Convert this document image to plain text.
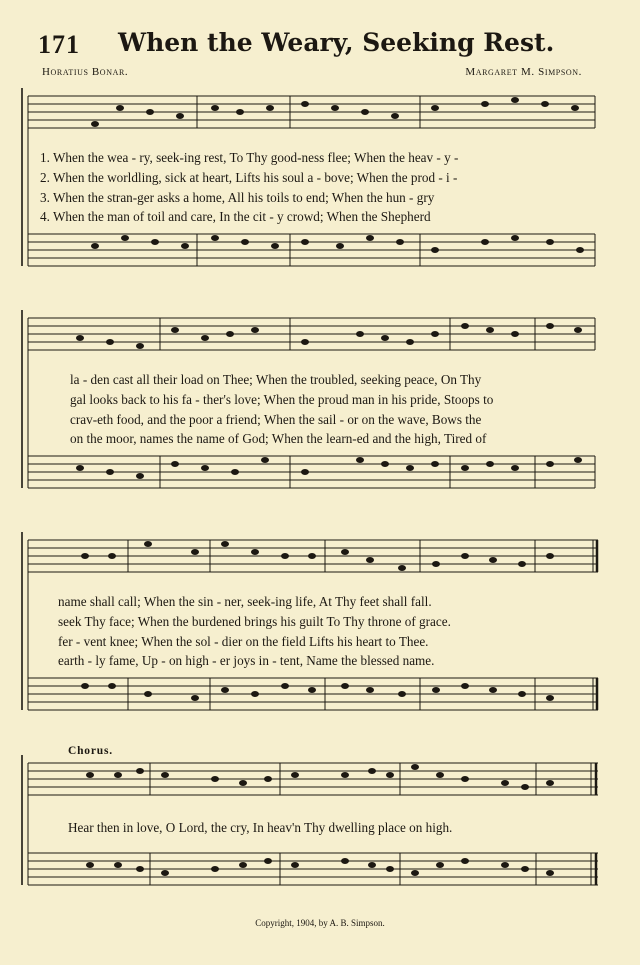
171 When the Weary, Seeking Rest.
Horatius Bonar.	Margaret M. Simpson.
1. When the wea - ry, seek-ing rest, To Thy good-ness flee; When the heav - y -
2. When the worldling, sick at heart, Lifts his soul a - bove; When the prod - i -
3. When the stran-ger asks a home, All his toils to end; When the hun - gry
4. When the man of toil and care, In the cit - y crowd; When the Shepherd
la - den cast all their load on Thee; When the troubled, seeking peace, On Thy
gal looks back to his fa - ther's love; When the proud man in his pride, Stoops to
crav-eth food, and the poor a friend; When the sail - or on the wave, Bows the
on the moor, names the name of God; When the learn-ed and the high, Tired of
name shall call; When the sin - ner, seek-ing life, At Thy feet shall fall.
seek Thy face; When the burdened brings his guilt To Thy throne of grace.
fer - vent knee; When the sol - dier on the field Lifts his heart to Thee.
earth - ly fame, Up - on high - er joys in - tent, Name the blessed name.
Chorus.
Hear then in love, O Lord, the cry, In heav'n Thy dwelling place on high.
Copyright, 1904, by A. B. Simpson.
